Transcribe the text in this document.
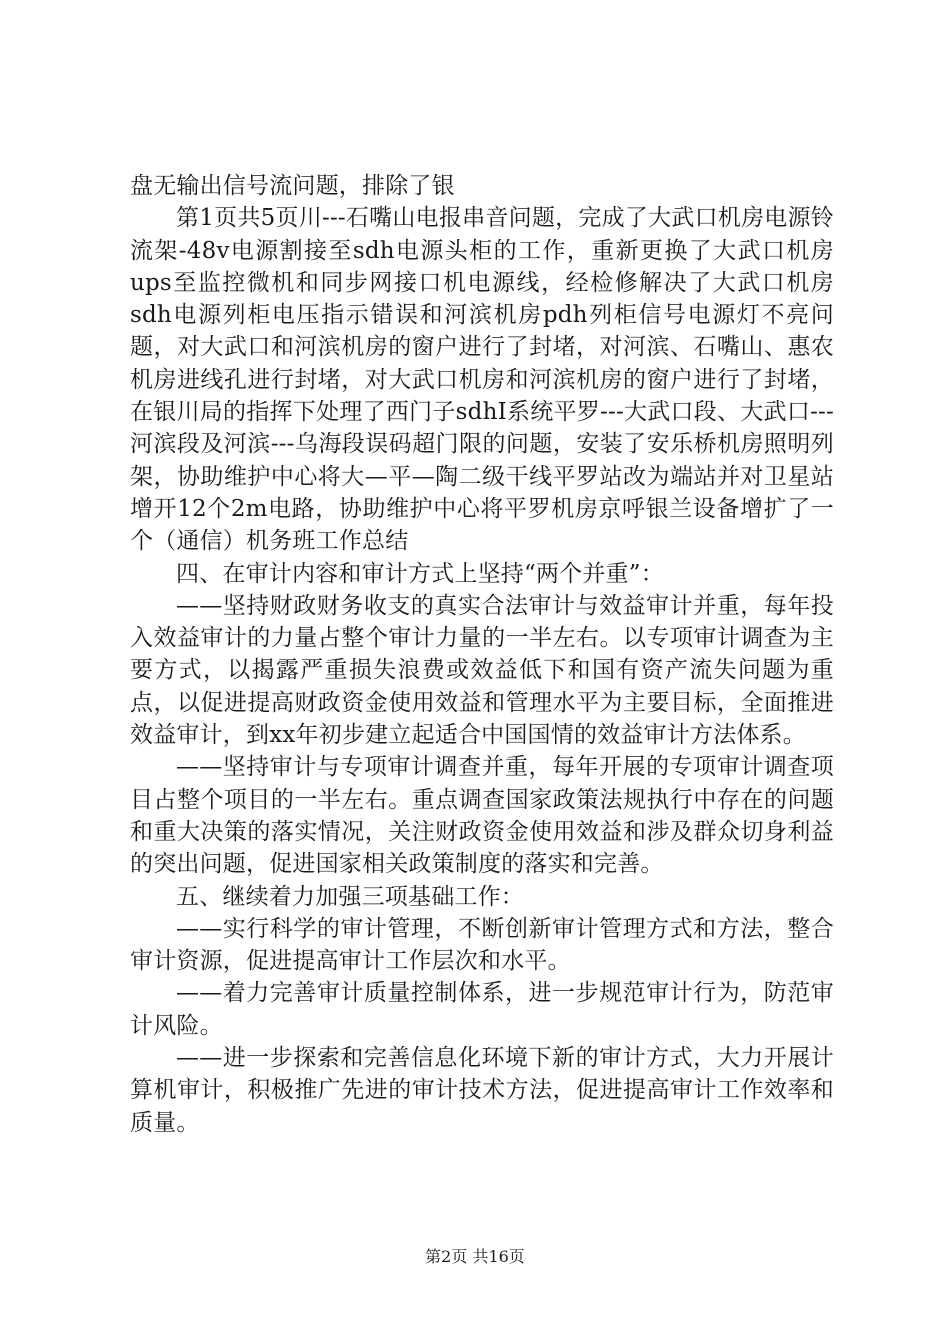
盘无输出信号流问题，排除了银

第1页共5页川---石嘴山电报串音问题，完成了大武口机房电源铃流架-48v电源割接至sdh电源头柜的工作，重新更换了大武口机房ups至监控微机和同步网接口机电源线，经检修解决了大武口机房sdh电源列柜电压指示错误和河滨机房pdh列柜信号电源灯不亮问题，对大武口和河滨机房的窗户进行了封堵，对河滨、石嘴山、惠农机房进线孔进行封堵，对大武口机房和河滨机房的窗户进行了封堵，在银川局的指挥下处理了西门子sdhⅠ系统平罗---大武口段、大武口---河滨段及河滨---乌海段误码超门限的问题，安装了安乐桥机房照明列架，协助维护中心将大—平—陶二级干线平罗站改为端站并对卫星站增开12个2m电路，协助维护中心将平罗机房京呼银兰设备增扩了一个（通信）机务班工作总结

四、在审计内容和审计方式上坚持“两个并重”：

——坚持财政财务收支的真实合法审计与效益审计并重，每年投入效益审计的力量占整个审计力量的一半左右。以专项审计调查为主要方式，以揭露严重损失浪费或效益低下和国有资产流失问题为重点，以促进提高财政资金使用效益和管理水平为主要目标，全面推进效益审计，到xx年初步建立起适合中国国情的效益审计方法体系。

——坚持审计与专项审计调查并重，每年开展的专项审计调查项目占整个项目的一半左右。重点调查国家政策法规执行中存在的问题和重大决策的落实情况，关注财政资金使用效益和涉及群众切身利益的突出问题，促进国家相关政策制度的落实和完善。

五、继续着力加强三项基础工作：

——实行科学的审计管理，不断创新审计管理方式和方法，整合审计资源，促进提高审计工作层次和水平。

——着力完善审计质量控制体系，进一步规范审计行为，防范审计风险。

——进一步探索和完善信息化环境下新的审计方式，大力开展计算机审计，积极推广先进的审计技术方法，促进提高审计工作效率和质量。

第2页 共16页
